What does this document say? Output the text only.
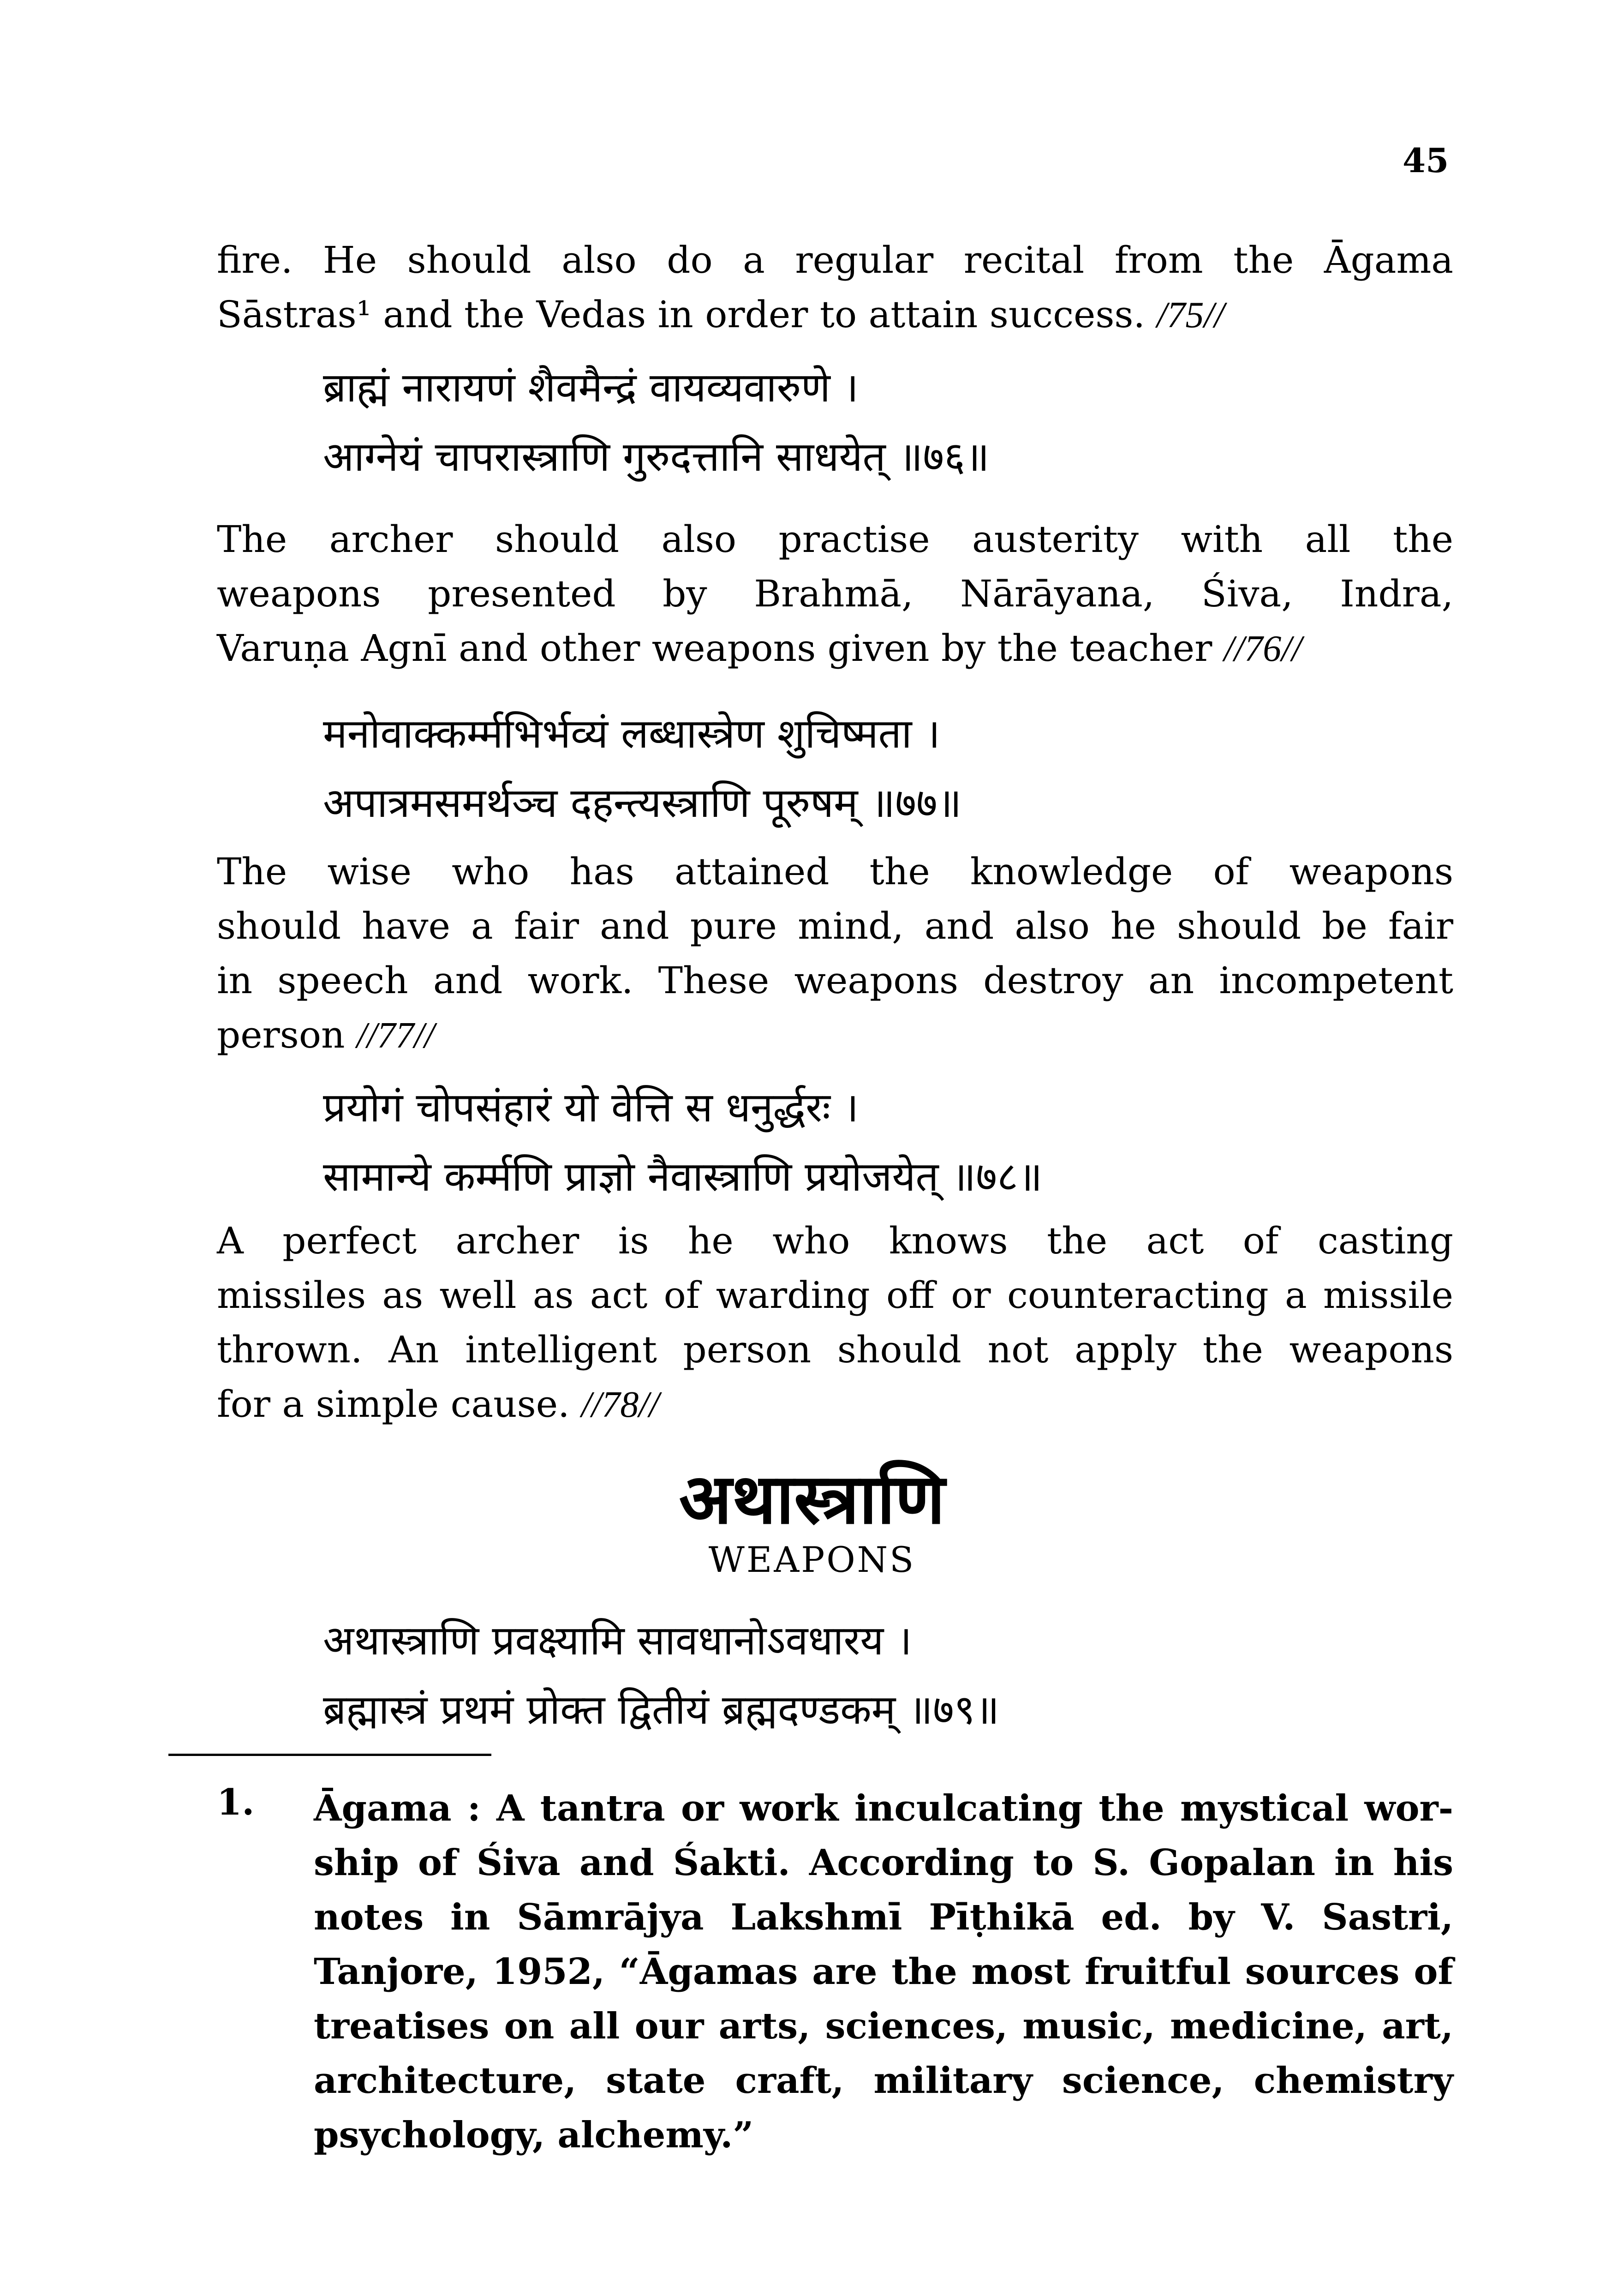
45
fire. He should also do a regular recital from the Āgama
Sāstras¹ and the Vedas in order to attain success. /75//
ब्राह्मं नारायणं शैवमैन्द्रं वायव्यवारुणे ।
आग्नेयं चापरास्त्राणि गुरुदत्तानि साधयेत् ॥७६॥
The archer should also practise austerity with all the
weapons presented by Brahmā, Nārāyana, Śiva, Indra,
Varuṇa Agnī and other weapons given by the teacher //76//
मनोवाक्कर्म्मभिर्भव्यं लब्धास्त्रेण शुचिष्मता ।
अपात्रमसमर्थञ्च दहन्त्यस्त्राणि पूरुषम् ॥७७॥
The wise who has attained the knowledge of weapons
should have a fair and pure mind, and also he should be fair
in speech and work. These weapons destroy an incompetent
person //77//
प्रयोगं चोपसंहारं यो वेत्ति स धनुर्द्धरः ।
सामान्ये कर्म्मणि प्राज्ञो नैवास्त्राणि प्रयोजयेत् ॥७८॥
A perfect archer is he who knows the act of casting
missiles as well as act of warding off or counteracting a missile
thrown. An intelligent person should not apply the weapons
for a simple cause. //78//
अथास्त्राणि
WEAPONS
अथास्त्राणि प्रवक्ष्यामि सावधानोऽवधारय ।
ब्रह्मास्त्रं प्रथमं प्रोक्त द्वितीयं ब्रह्मदण्डकम् ॥७९॥
1. Āgama : A tantra or work inculcating the mystical wor-
ship of Śiva and Śakti. According to S. Gopalan in his
notes in Sāmrājya Lakshmī Pīṭhikā ed. by V. Sastri,
Tanjore, 1952, “Āgamas are the most fruitful sources of
treatises on all our arts, sciences, music, medicine, art,
architecture, state craft, military science, chemistry
psychology, alchemy.”
